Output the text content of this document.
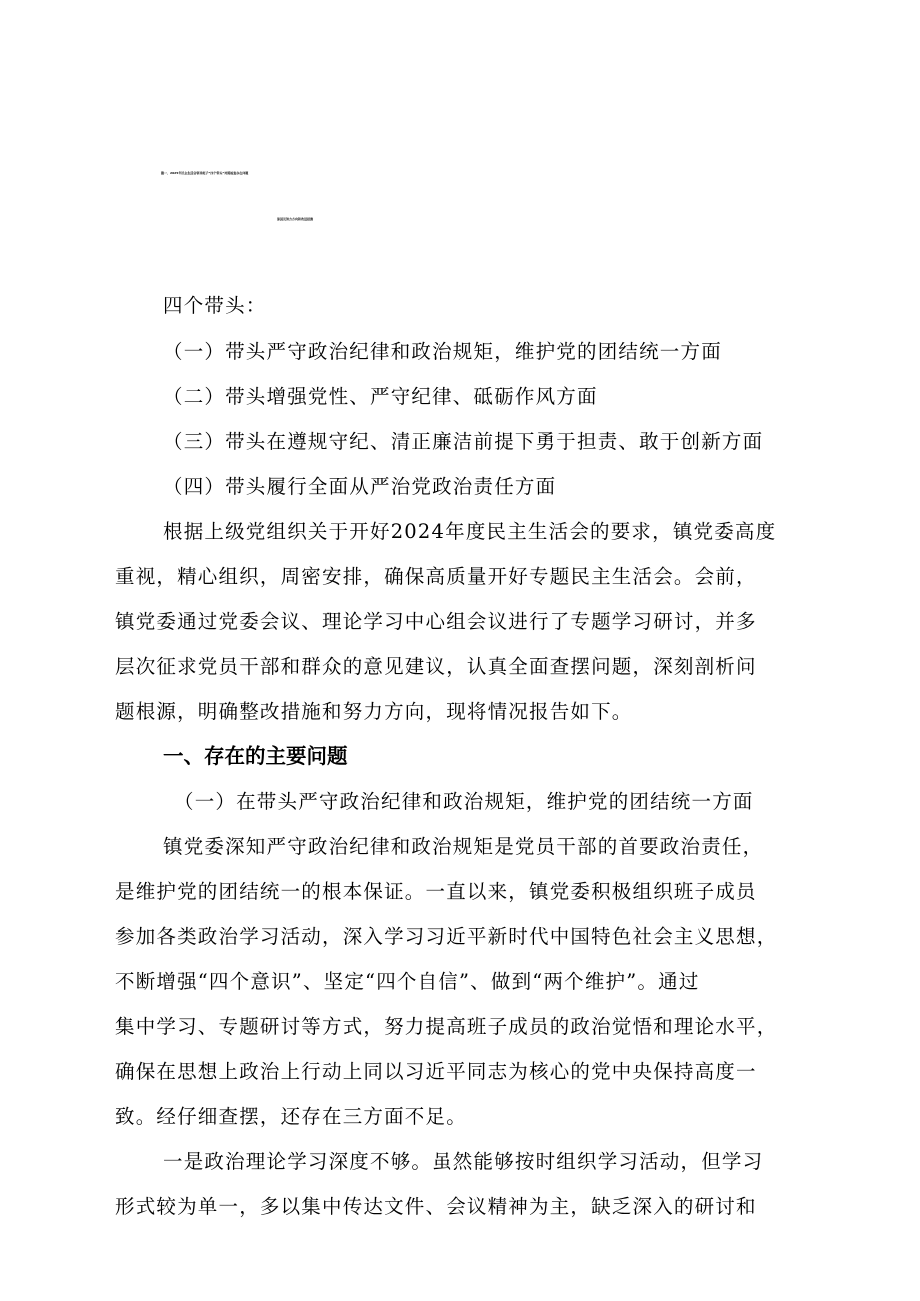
篇一、2025年民主生活会领导班子“四个带头”对照检查存在问题
原因及努力方向和改进措施
四个带头：
（一）带头严守政治纪律和政治规矩，维护党的团结统一方面
（二）带头增强党性、严守纪律、砥砺作风方面
（三）带头在遵规守纪、清正廉洁前提下勇于担责、敢于创新方面
（四）带头履行全面从严治党政治责任方面
根据上级党组织关于开好2024年度民主生活会的要求，镇党委高度
重视，精心组织，周密安排，确保高质量开好专题民主生活会。会前，
镇党委通过党委会议、理论学习中心组会议进行了专题学习研讨，并多
层次征求党员干部和群众的意见建议，认真全面查摆问题，深刻剖析问
题根源，明确整改措施和努力方向，现将情况报告如下。
一、存在的主要问题
（一）在带头严守政治纪律和政治规矩，维护党的团结统一方面
镇党委深知严守政治纪律和政治规矩是党员干部的首要政治责任，
是维护党的团结统一的根本保证。一直以来，镇党委积极组织班子成员
参加各类政治学习活动，深入学习习近平新时代中国特色社会主义思想，
不断增强“四个意识”、坚定“四个自信”、做到“两个维护”。通过
集中学习、专题研讨等方式，努力提高班子成员的政治觉悟和理论水平，
确保在思想上政治上行动上同以习近平同志为核心的党中央保持高度一
致。经仔细查摆，还存在三方面不足。
一是政治理论学习深度不够。虽然能够按时组织学习活动，但学习
形式较为单一，多以集中传达文件、会议精神为主，缺乏深入的研讨和
